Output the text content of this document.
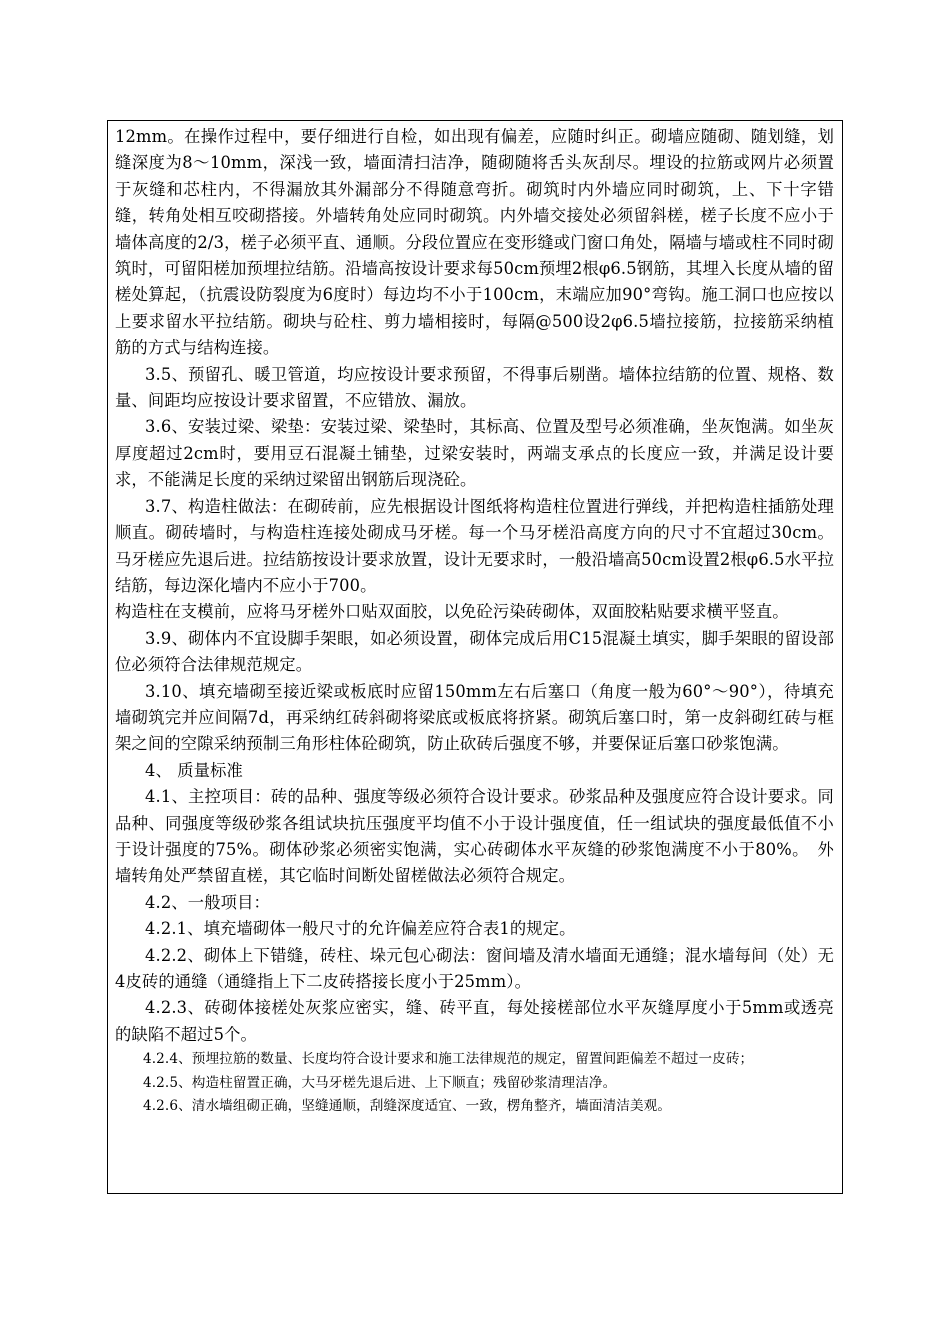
12mm。在操作过程中，要仔细进行自检，如出现有偏差，应随时纠正。砌墙应随砌、随划缝，划缝深度为8～10mm，深浅一致，墙面清扫洁净，随砌随将舌头灰刮尽。埋设的拉筋或网片必须置于灰缝和芯柱内，不得漏放其外漏部分不得随意弯折。砌筑时内外墙应同时砌筑，上、下十字错缝，转角处相互咬砌搭接。外墙转角处应同时砌筑。内外墙交接处必须留斜槎，槎子长度不应小于墙体高度的2/3，槎子必须平直、通顺。分段位置应在变形缝或门窗口角处，隔墙与墙或柱不同时砌筑时，可留阳槎加预埋拉结筋。沿墙高按设计要求每50cm预埋2根φ6.5钢筋，其埋入长度从墙的留槎处算起，（抗震设防裂度为6度时）每边均不小于100cm，末端应加90°弯钩。施工洞口也应按以上要求留水平拉结筋。砌块与砼柱、剪力墙相接时，每隔@500设2φ6.5墙拉接筋，拉接筋采纳植筋的方式与结构连接。

3.5、预留孔、暖卫管道，均应按设计要求预留，不得事后剔凿。墙体拉结筋的位置、规格、数量、间距均应按设计要求留置，不应错放、漏放。

3.6、安装过梁、梁垫：安装过梁、梁垫时，其标高、位置及型号必须准确，坐灰饱满。如坐灰厚度超过2cm时，要用豆石混凝土铺垫，过梁安装时，两端支承点的长度应一致，并满足设计要求，不能满足长度的采纳过梁留出钢筋后现浇砼。

3.7、构造柱做法：在砌砖前，应先根据设计图纸将构造柱位置进行弹线，并把构造柱插筋处理顺直。砌砖墙时，与构造柱连接处砌成马牙槎。每一个马牙槎沿高度方向的尺寸不宜超过30cm。马牙槎应先退后进。拉结筋按设计要求放置，设计无要求时，一般沿墙高50cm设置2根φ6.5水平拉结筋，每边深化墙内不应小于700。

构造柱在支模前，应将马牙槎外口贴双面胶，以免砼污染砖砌体，双面胶粘贴要求横平竖直。

3.9、砌体内不宜设脚手架眼，如必须设置，砌体完成后用C15混凝土填实，脚手架眼的留设部位必须符合法律规范规定。

3.10、填充墙砌至接近梁或板底时应留150mm左右后塞口（角度一般为60°～90°），待填充墙砌筑完并应间隔7d，再采纳红砖斜砌将梁底或板底将挤紧。砌筑后塞口时，第一皮斜砌红砖与框架之间的空隙采纳预制三角形柱体砼砌筑，防止砍砖后强度不够，并要保证后塞口砂浆饱满。

4、 质量标准

4.1、主控项目：砖的品种、强度等级必须符合设计要求。砂浆品种及强度应符合设计要求。同品种、同强度等级砂浆各组试块抗压强度平均值不小于设计强度值，任一组试块的强度最低值不小于设计强度的75%。砌体砂浆必须密实饱满，实心砖砌体水平灰缝的砂浆饱满度不小于80%。　外墙转角处严禁留直槎，其它临时间断处留槎做法必须符合规定。

4.2、一般项目：

4.2.1、填充墙砌体一般尺寸的允许偏差应符合表1的规定。

4.2.2、砌体上下错缝，砖柱、垛元包心砌法：窗间墙及清水墙面无通缝；混水墙每间（处）无4皮砖的通缝（通缝指上下二皮砖搭接长度小于25mm）。

4.2.3、砖砌体接槎处灰浆应密实，缝、砖平直，每处接槎部位水平灰缝厚度小于5mm或透亮的缺陷不超过5个。

4.2.4、预埋拉筋的数量、长度均符合设计要求和施工法律规范的规定，留置间距偏差不超过一皮砖；

4.2.5、构造柱留置正确，大马牙槎先退后进、上下顺直；残留砂浆清理洁净。

4.2.6、清水墙组砌正确，坚缝通顺，刮缝深度适宜、一致，楞角整齐，墙面清洁美观。
